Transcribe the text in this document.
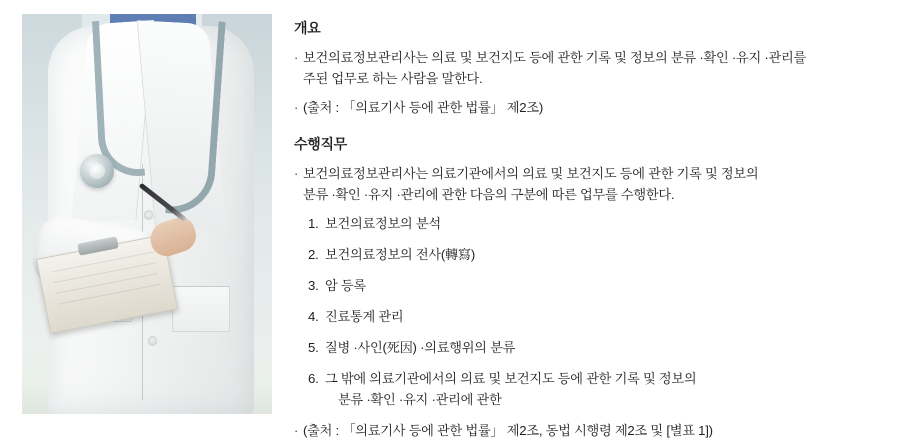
개요
· 보건의료정보관리사는 의료 및 보건지도 등에 관한 기록 및 정보의 분류 ·확인 ·유지 ·관리를
주된 업무로 하는 사람을 말한다.
· (출처 : 「의료기사 등에 관한 법률」 제2조)
수행직무
· 보건의료정보관리사는 의료기관에서의 의료 및 보건지도 등에 관한 기록 및 정보의
분류 ·확인 ·유지 ·관리에 관한 다음의 구분에 따른 업무를 수행한다.
1. 보건의료정보의 분석
2. 보건의료정보의 전사(轉寫)
3. 암 등록
4. 진료통계 관리
5. 질병 ·사인(死因) ·의료행위의 분류
6. 그 밖에 의료기관에서의 의료 및 보건지도 등에 관한 기록 및 정보의
분류 ·확인 ·유지 ·관리에 관한
· (출처 : 「의료기사 등에 관한 법률」 제2조, 동법 시행령 제2조 및 [별표 1])
